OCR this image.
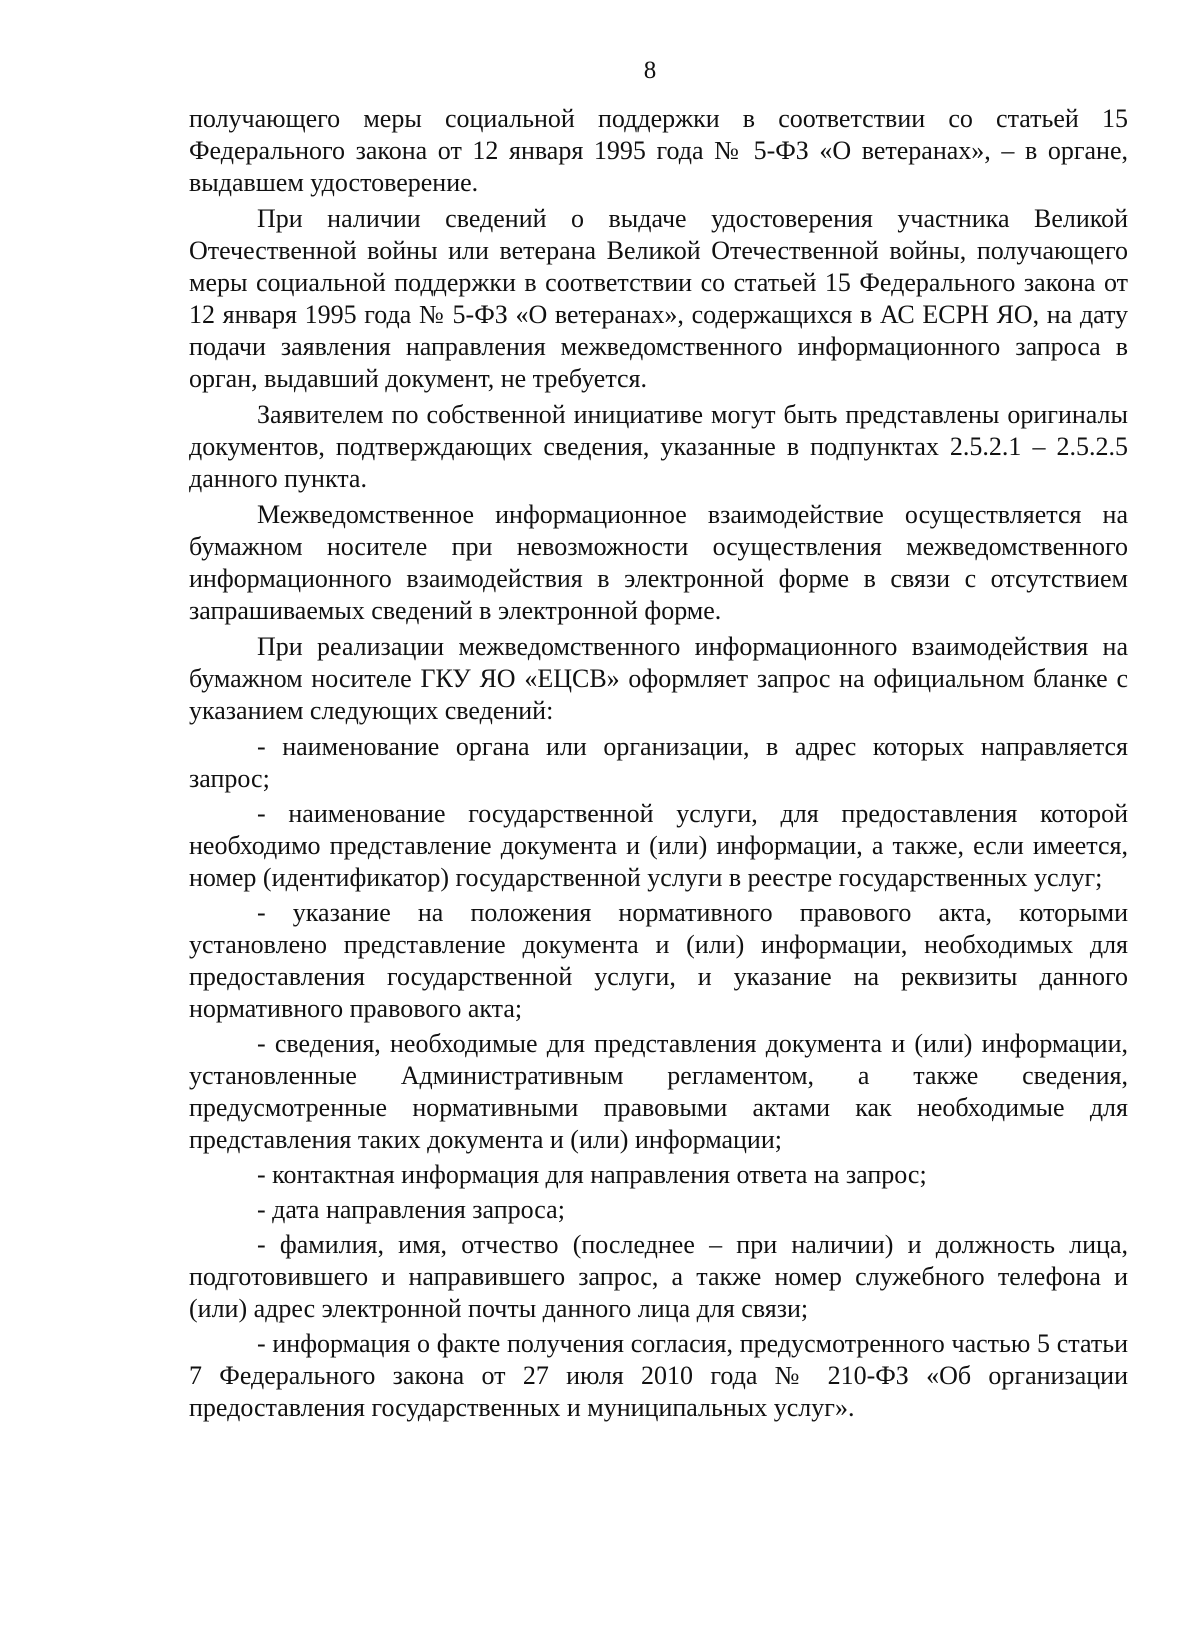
8

получающего меры социальной поддержки в соответствии со статьей 15 Федерального закона от 12 января 1995 года № 5-ФЗ «О ветеранах», – в органе, выдавшем удостоверение.

При наличии сведений о выдаче удостоверения участника Великой Отечественной войны или ветерана Великой Отечественной войны, получающего меры социальной поддержки в соответствии со статьей 15 Федерального закона от 12 января 1995 года № 5-ФЗ «О ветеранах», содержащихся в АС ЕСРН ЯО, на дату подачи заявления направления межведомственного информационного запроса в орган, выдавший документ, не требуется.

Заявителем по собственной инициативе могут быть представлены оригиналы документов, подтверждающих сведения, указанные в подпунктах 2.5.2.1 – 2.5.2.5 данного пункта.

Межведомственное информационное взаимодействие осуществляется на бумажном носителе при невозможности осуществления межведомственного информационного взаимодействия в электронной форме в связи с отсутствием запрашиваемых сведений в электронной форме.

При реализации межведомственного информационного взаимодействия на бумажном носителе ГКУ ЯО «ЕЦСВ» оформляет запрос на официальном бланке с указанием следующих сведений:

- наименование органа или организации, в адрес которых направляется запрос;

- наименование государственной услуги, для предоставления которой необходимо представление документа и (или) информации, а также, если имеется, номер (идентификатор) государственной услуги в реестре государственных услуг;

- указание на положения нормативного правового акта, которыми установлено представление документа и (или) информации, необходимых для предоставления государственной услуги, и указание на реквизиты данного нормативного правового акта;

- сведения, необходимые для представления документа и (или) информации, установленные Административным регламентом, а также сведения, предусмотренные нормативными правовыми актами как необходимые для представления таких документа и (или) информации;

- контактная информация для направления ответа на запрос;

- дата направления запроса;

- фамилия, имя, отчество (последнее – при наличии) и должность лица, подготовившего и направившего запрос, а также номер служебного телефона и (или) адрес электронной почты данного лица для связи;

- информация о факте получения согласия, предусмотренного частью 5 статьи 7 Федерального закона от 27 июля 2010 года № 210-ФЗ «Об организации предоставления государственных и муниципальных услуг».
